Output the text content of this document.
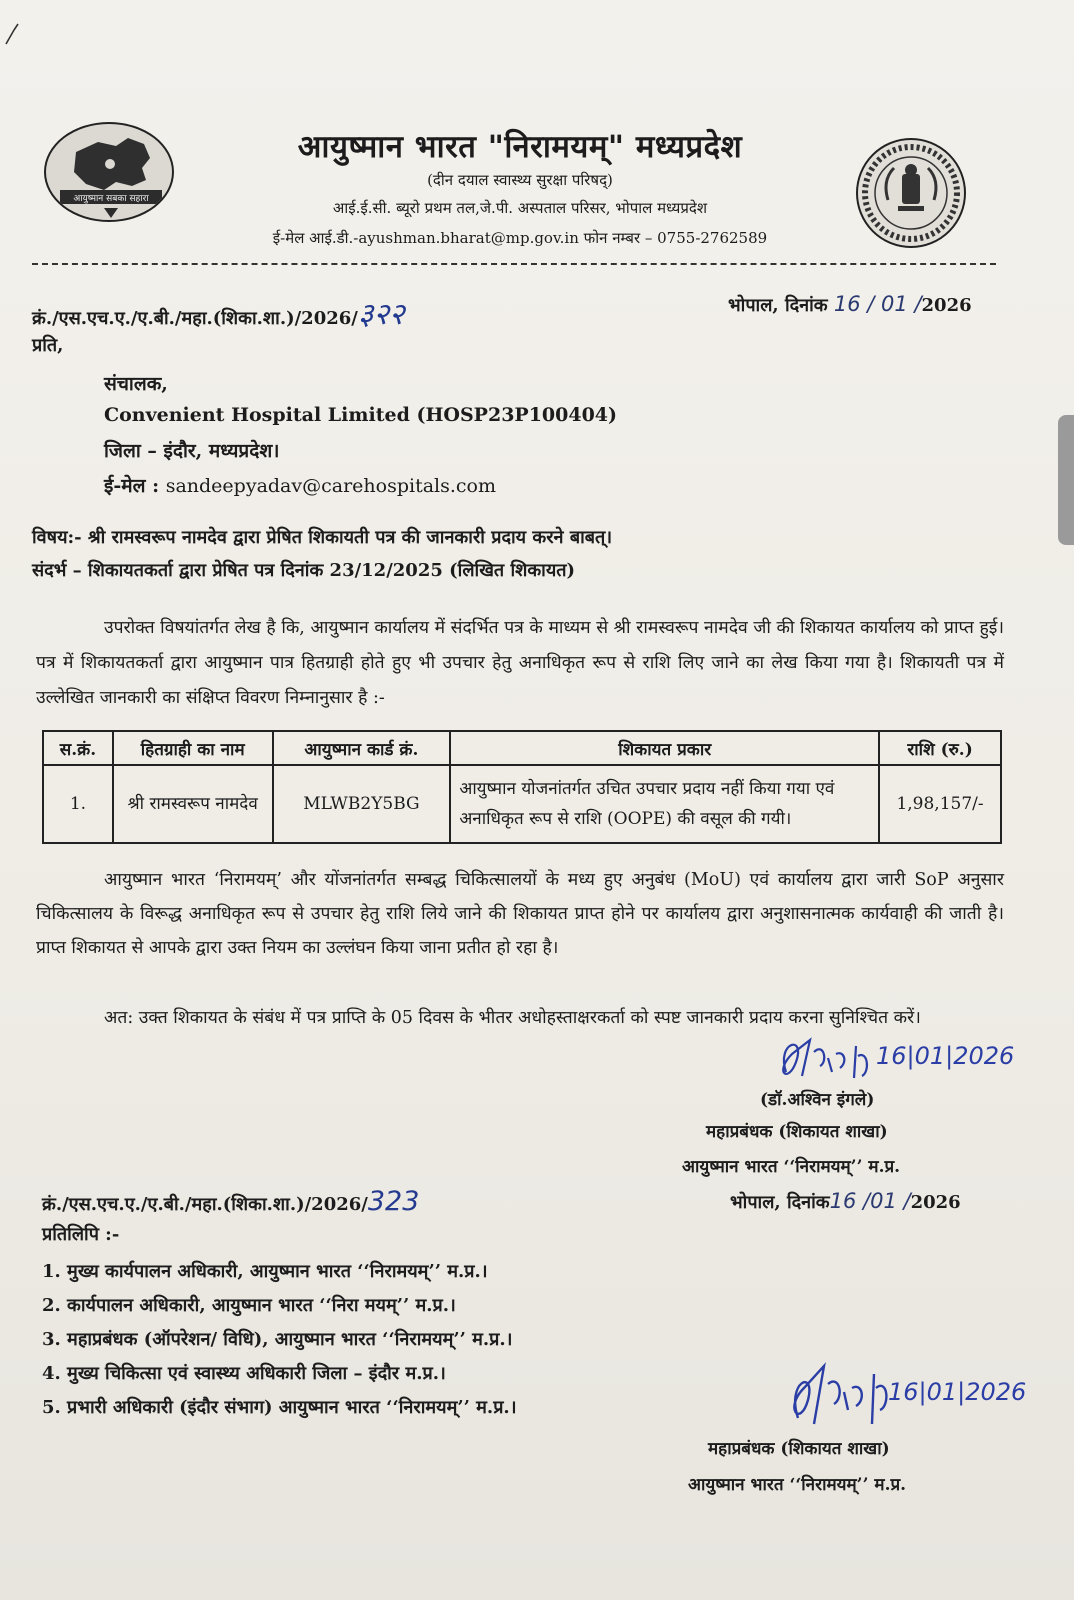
आयुष्मान सबका सहारा
आयुष्मान भारत "निरामयम्" मध्यप्रदेश
(दीन दयाल स्वास्थ्य सुरक्षा परिषद्)
आई.ई.सी. ब्यूरो प्रथम तल,जे.पी. अस्पताल परिसर, भोपाल मध्यप्रदेश
ई-मेल आई.डी.-ayushman.bharat@mp.gov.in फोन नम्बर – 0755-2762589
क्रं./एस.एच.ए./ए.बी./महा.(शिका.शा.)/2026/३२२	भोपाल, दिनांक 16 / 01 /2026
प्रति,
संचालक,
Convenient Hospital Limited (HOSP23P100404)
जिला – इंदौर, मध्यप्रदेश।
ई-मेल : sandeepyadav@carehospitals.com
विषय:- श्री रामस्वरूप नामदेव द्वारा प्रेषित शिकायती पत्र की जानकारी प्रदाय करने बाबत्।
संदर्भ – शिकायतकर्ता द्वारा प्रेषित पत्र दिनांक 23/12/2025 (लिखित शिकायत)

उपरोक्त विषयांतर्गत लेख है कि, आयुष्मान कार्यालय में संदर्भित पत्र के माध्यम से श्री रामस्वरूप नामदेव जी की शिकायत कार्यालय को प्राप्त हुई। पत्र में शिकायतकर्ता द्वारा आयुष्मान पात्र हितग्राही होते हुए भी उपचार हेतु अनाधिकृत रूप से राशि लिए जाने का लेख किया गया है। शिकायती पत्र में उल्लेखित जानकारी का संक्षिप्त विवरण निम्नानुसार है :-

स.क्रं.	हितग्राही का नाम	आयुष्मान कार्ड क्रं.	शिकायत प्रकार	राशि (रु.)
1.	श्री रामस्वरूप नामदेव	MLWB2Y5BG	आयुष्मान योजनांतर्गत उचित उपचार प्रदाय नहीं किया गया एवं अनाधिकृत रूप से राशि (OOPE) की वसूल की गयी।	1,98,157/-

आयुष्मान भारत ‘निरामयम्’ और योंजनांतर्गत सम्बद्ध चिकित्सालयों के मध्य हुए अनुबंध (MoU) एवं कार्यालय द्वारा जारी SoP अनुसार चिकित्सालय के विरूद्ध अनाधिकृत रूप से उपचार हेतु राशि लिये जाने की शिकायत प्राप्त होने पर कार्यालय द्वारा अनुशासनात्मक कार्यवाही की जाती है। प्राप्त शिकायत से आपके द्वारा उक्त नियम का उल्लंघन किया जाना प्रतीत हो रहा है।

अत: उक्त शिकायत के संबंध में पत्र प्राप्ति के 05 दिवस के भीतर अधोहस्ताक्षरकर्ता को स्पष्ट जानकारी प्रदाय करना सुनिश्चित करें।

16|01|2026
(डॉ.अश्विन इंगले)
महाप्रबंधक (शिकायत शाखा)
आयुष्मान भारत ‘‘निरामयम्’’ म.प्र.
क्रं./एस.एच.ए./ए.बी./महा.(शिका.शा.)/2026/323	भोपाल, दिनांक16 /01 /2026
प्रतिलिपि :-
1. मुख्य कार्यपालन अधिकारी, आयुष्मान भारत ‘‘निरामयम्’’ म.प्र.।
2. कार्यपालन अधिकारी, आयुष्मान भारत ‘‘निरा मयम्’’ म.प्र.।
3. महाप्रबंधक (ऑपरेशन/ विधि), आयुष्मान भारत ‘‘निरामयम्’’ म.प्र.।
4. मुख्य चिकित्सा एवं स्वास्थ्य अधिकारी जिला – इंदौर म.प्र.।
5. प्रभारी अधिकारी (इंदौर संभाग) आयुष्मान भारत ‘‘निरामयम्’’ म.प्र.।
16|01|2026
महाप्रबंधक (शिकायत शाखा)
आयुष्मान भारत ‘‘निरामयम्’’ म.प्र.
